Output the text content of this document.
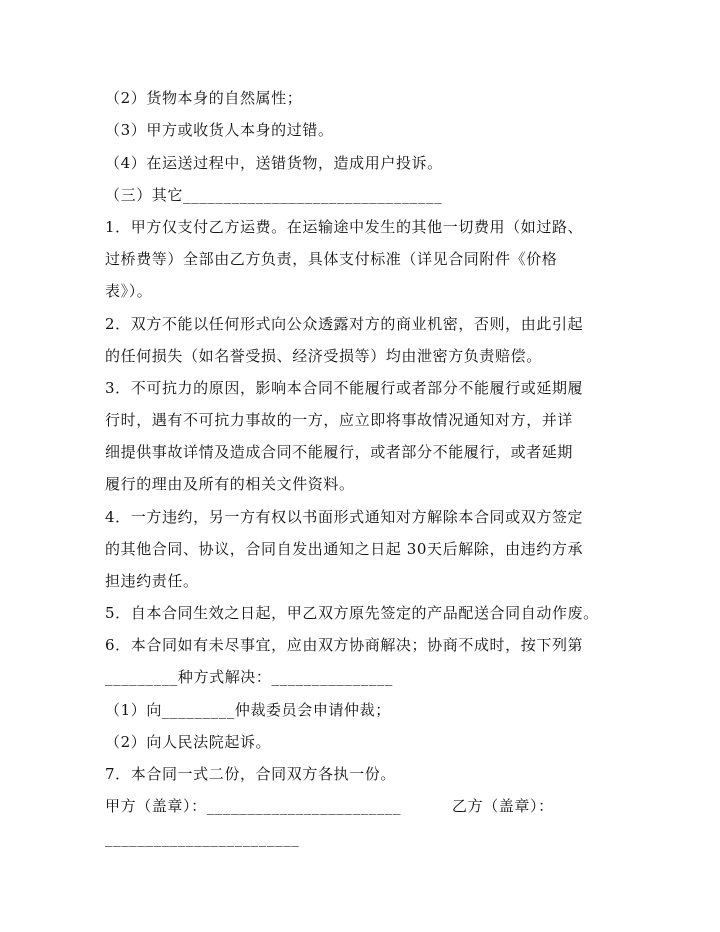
（2）货物本身的自然属性；
（3）甲方或收货人本身的过错。
（4）在运送过程中，送错货物，造成用户投诉。
（三）其它________________________________
1．甲方仅支付乙方运费。在运输途中发生的其他一切费用（如过路、
过桥费等）全部由乙方负责，具体支付标准（详见合同附件《价格
表》）。
2．双方不能以任何形式向公众透露对方的商业机密，否则，由此引起
的任何损失（如名誉受损、经济受损等）均由泄密方负责赔偿。
3．不可抗力的原因，影响本合同不能履行或者部分不能履行或延期履
行时，遇有不可抗力事故的一方，应立即将事故情况通知对方，并详
细提供事故详情及造成合同不能履行，或者部分不能履行，或者延期
履行的理由及所有的相关文件资料。
4．一方违约，另一方有权以书面形式通知对方解除本合同或双方签定
的其他合同、协议，合同自发出通知之日起 30天后解除，由违约方承
担违约责任。
5．自本合同生效之日起，甲乙双方原先签定的产品配送合同自动作废。
6．本合同如有未尽事宜，应由双方协商解决；协商不成时，按下列第
_________种方式解决：_______________
（1）向_________仲裁委员会申请仲裁；
（2）向人民法院起诉。
7．本合同一式二份，合同双方各执一份。
甲方（盖章）：________________________	乙方（盖章）：
________________________
